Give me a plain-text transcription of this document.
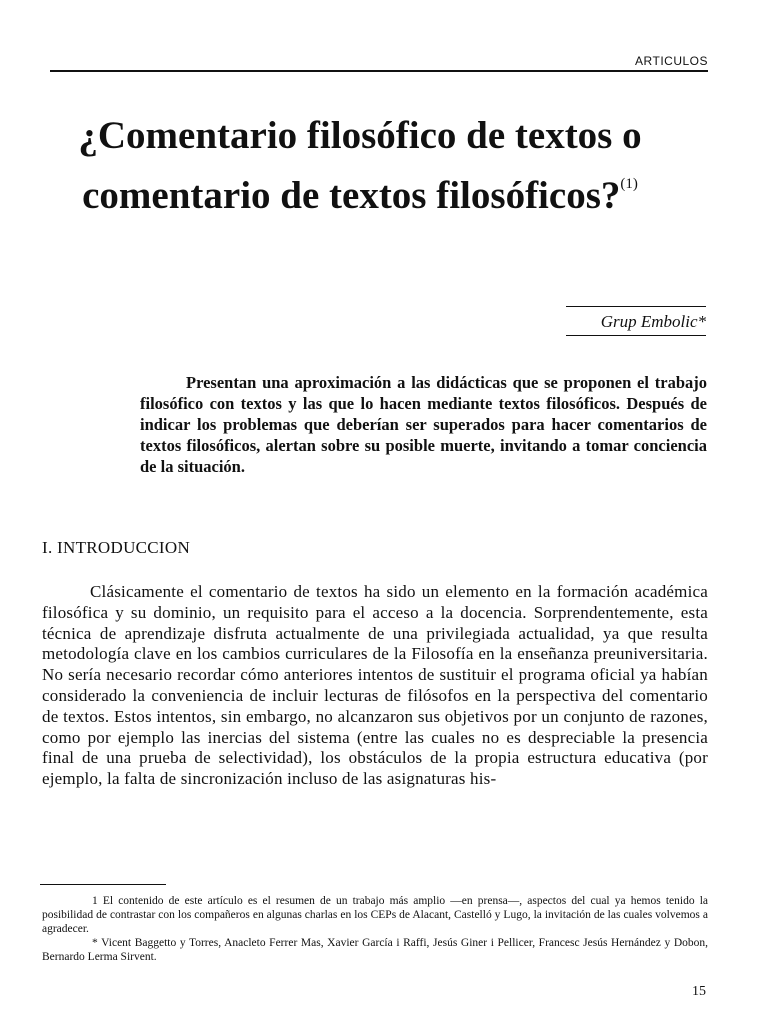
ARTICULOS
¿Comentario filosófico de textos o comentario de textos filosóficos?$^{(1)}$
Grup Embolic*

Presentan una aproximación a las didácticas que se proponen el trabajo filosófico con textos y las que lo hacen mediante textos filosóficos. Después de indicar los problemas que deberían ser superados para hacer comentarios de textos filosóficos, alertan sobre su posible muerte, invitando a tomar conciencia de la situación.

I. INTRODUCCION

Clásicamente el comentario de textos ha sido un elemento en la formación académica filosófica y su dominio, un requisito para el acceso a la docencia. Sorprendentemente, esta técnica de aprendizaje disfruta actualmente de una privilegiada actualidad, ya que resulta metodología clave en los cambios curriculares de la Filosofía en la enseñanza preuniversitaria. No sería necesario recordar cómo anteriores intentos de sustituir el programa oficial ya habían considerado la conveniencia de incluir lecturas de filósofos en la perspectiva del comentario de textos. Estos intentos, sin embargo, no alcanzaron sus objetivos por un conjunto de razones, como por ejemplo las inercias del sistema (entre las cuales no es despreciable la presencia final de una prueba de selectividad), los obstáculos de la propia estructura educativa (por ejemplo, la falta de sincronización incluso de las asignaturas his-

1 El contenido de este artículo es el resumen de un trabajo más amplio —en prensa—, aspectos del cual ya hemos tenido la posibilidad de contrastar con los compañeros en algunas charlas en los CEPs de Alacant, Castelló y Lugo, la invitación de las cuales volvemos a agradecer.

* Vicent Baggetto y Torres, Anacleto Ferrer Mas, Xavier García i Raffi, Jesús Giner i Pellicer, Francesc Jesús Hernández y Dobon, Bernardo Lerma Sirvent.

15
